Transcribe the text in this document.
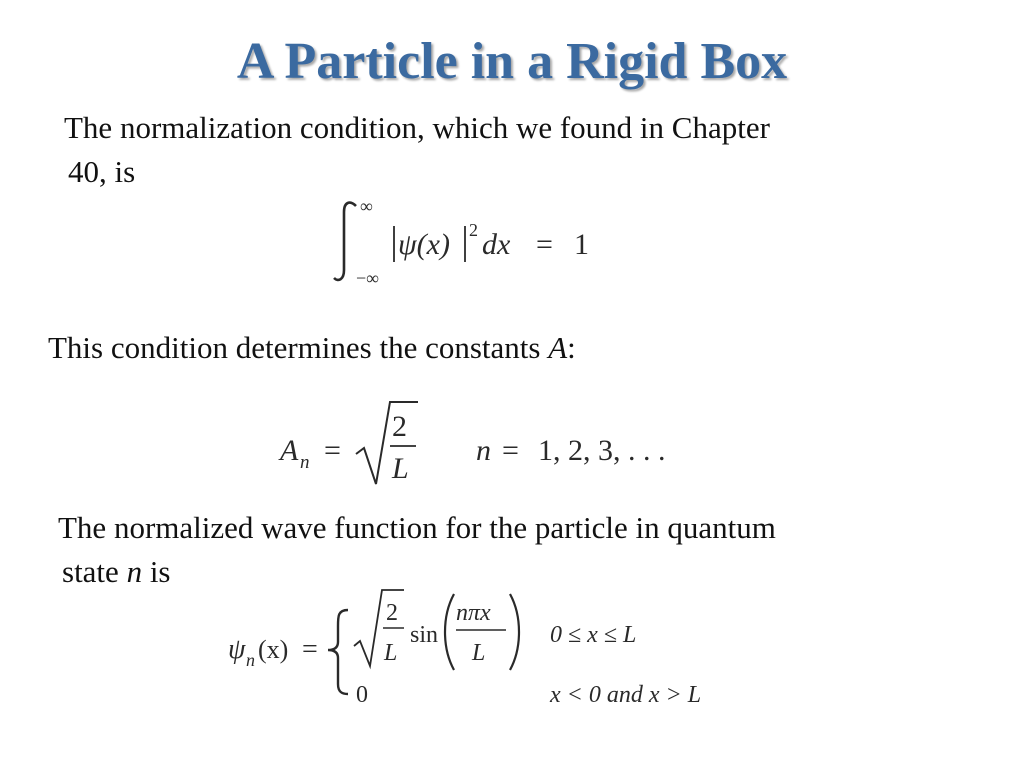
A Particle in a Rigid Box
The normalization condition, which we found in Chapter
40, is
∞
−∞
ψ(x) 2 dx = 1
This condition determines the constants A:
A n =
2
L
n = 1, 2, 3, . . .
The normalized wave function for the particle in quantum
state n is
ψ n (x) =
2
L
sin
nπx
L
0 ≤ x ≤ L
0	x < 0 and x > L
